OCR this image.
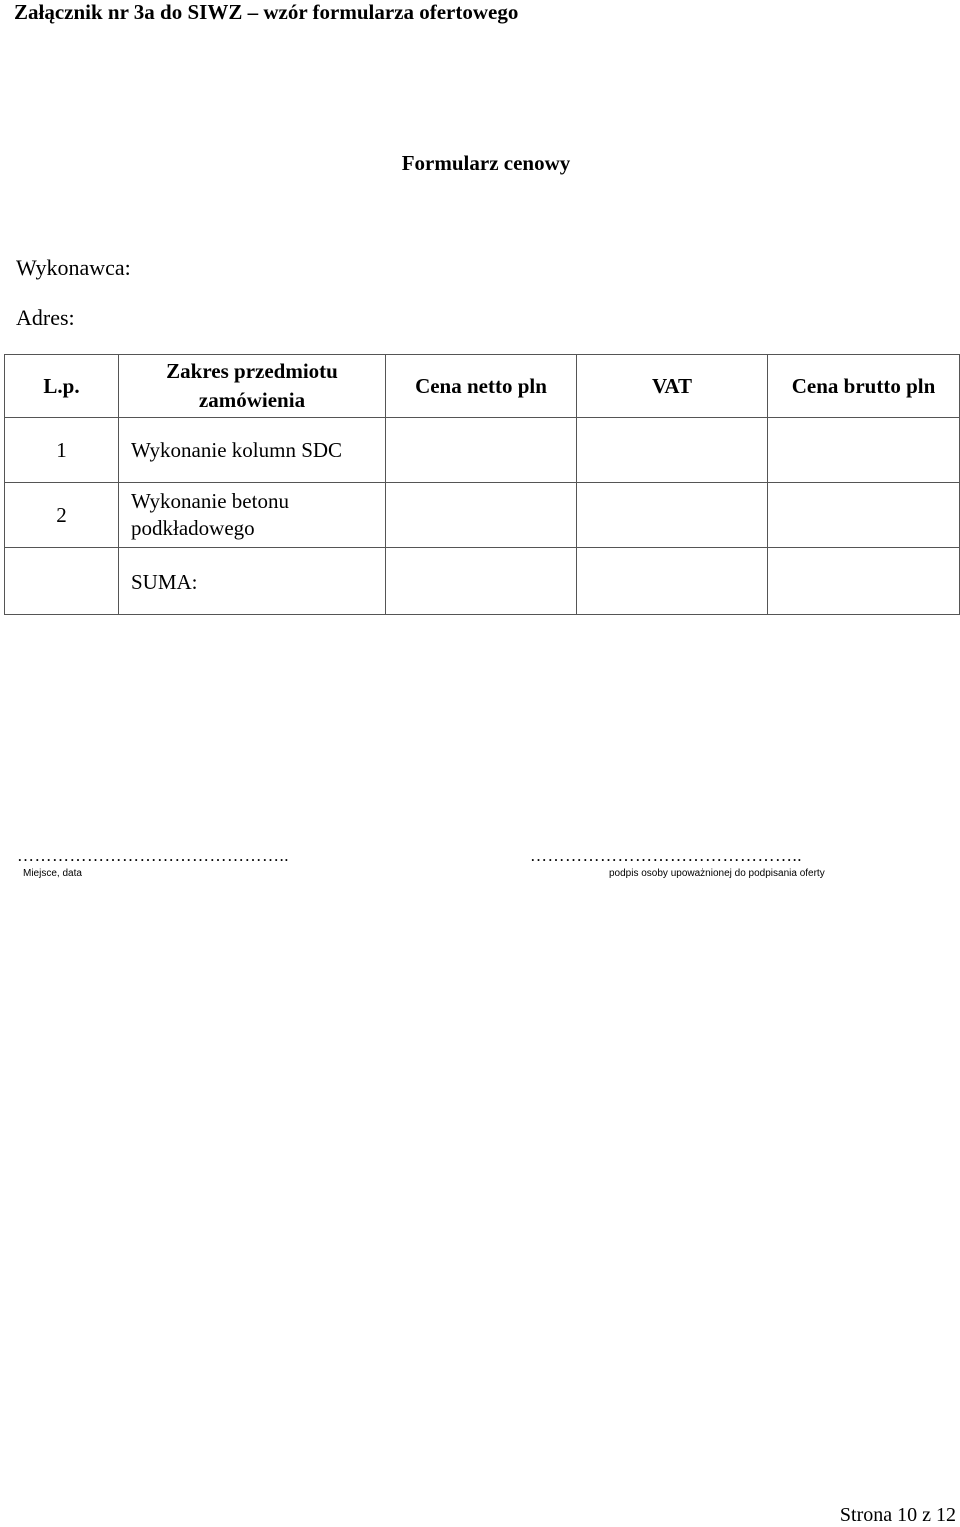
Załącznik nr 3a do SIWZ – wzór formularza ofertowego
Formularz cenowy
Wykonawca:
Adres:
L.p.	Zakres przedmiotu zamówienia	Cena netto pln	VAT	Cena brutto pln
1	Wykonanie kolumn SDC			
2	Wykonanie betonu podkładowego			
	SUMA:			
………………………………………..	………………………………………..
Miejsce, data	podpis osoby upoważnionej do podpisania oferty
Strona 10 z 12
